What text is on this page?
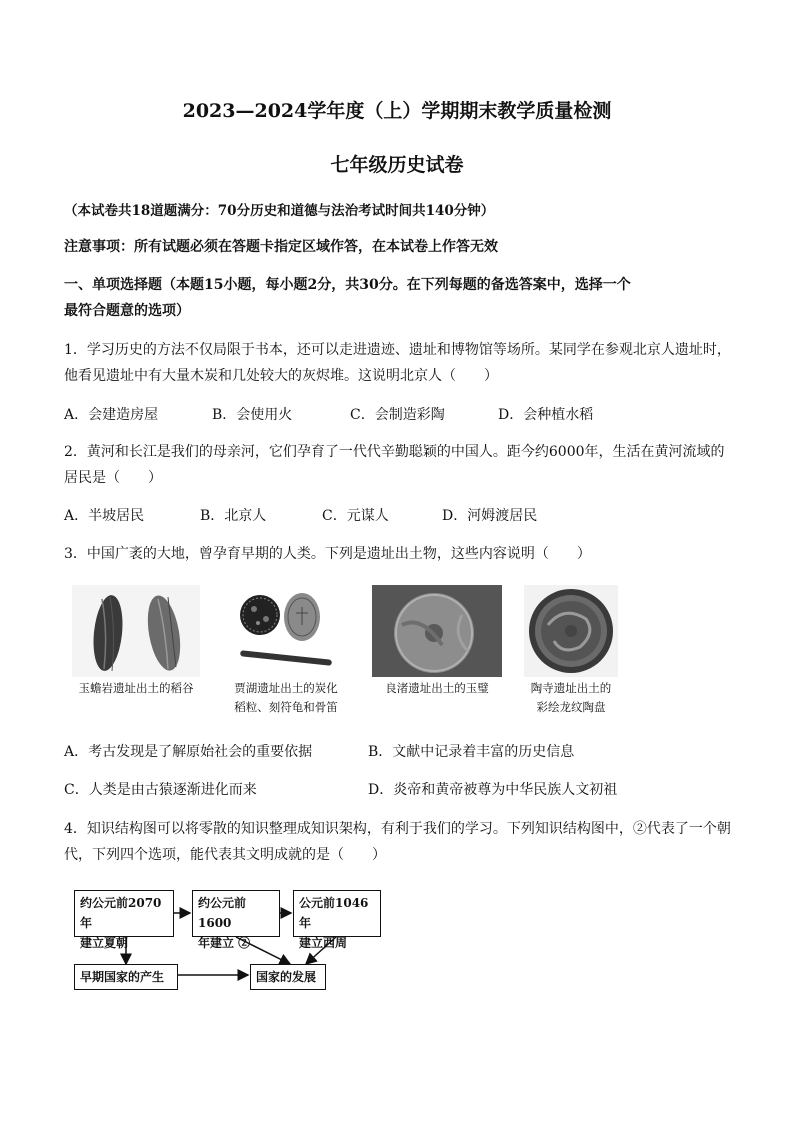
2023—2024学年度（上）学期期末教学质量检测
七年级历史试卷
（本试卷共18道题满分：70分历史和道德与法治考试时间共140分钟）
注意事项：所有试题必须在答题卡指定区域作答，在本试卷上作答无效
一、单项选择题（本题15小题，每小题2分，共30分。在下列每题的备选答案中，选择一个
最符合题意的选项）
1．学习历史的方法不仅局限于书本，还可以走进遗迹、遗址和博物馆等场所。某同学在参观北京人遗址时，
他看见遗址中有大量木炭和几处较大的灰烬堆。这说明北京人（　　）
A．会建造房屋	B．会使用火	C．会制造彩陶	D．会种植水稻
2．黄河和长江是我们的母亲河，它们孕育了一代代辛勤聪颖的中国人。距今约6000年，生活在黄河流域的
居民是（　　）
A．半坡居民	B．北京人	C．元谋人	D．河姆渡居民
3．中国广袤的大地，曾孕育早期的人类。下列是遗址出土物，这些内容说明（　　）
玉蟾岩遗址出土的稻谷	贾湖遗址出土的炭化
稻粒、刻符龟和骨笛
良渚遗址出土的玉璧	陶寺遗址出土的
彩绘龙纹陶盘
A．考古发现是了解原始社会的重要依据	B．文献中记录着丰富的历史信息
C．人类是由古猿逐渐进化而来	D．炎帝和黄帝被尊为中华民族人文初祖
4．知识结构图可以将零散的知识整理成知识架构，有利于我们的学习。下列知识结构图中，②代表了一个朝
代，下列四个选项，能代表其文明成就的是（　　）
约公元前2070年
建立夏朝
约公元前1600
年建立 ②
公元前1046年
建立西周
早期国家的产生	国家的发展
